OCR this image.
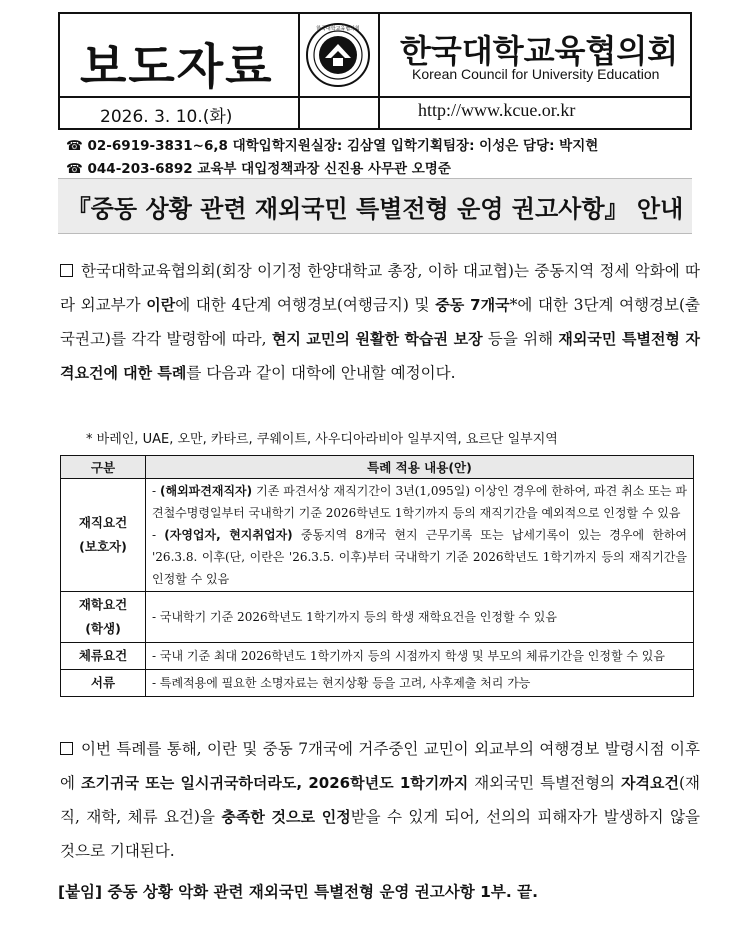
보도자료
한국대학교육협의회
2026. 3. 10.(화)
한국대학교육협의회
Korean Council for University Education
http://www.kcue.or.kr
☎ 02-6919-3831~6,8 대학입학지원실장: 김삼열 입학기획팀장: 이성은 담당: 박지현
☎ 044-203-6892 교육부 대입정책과장 신진용 사무관 오명준
『중동 상황 관련 재외국민 특별전형 운영 권고사항』 안내
한국대학교육협의회(회장 이기정 한양대학교 총장, 이하 대교협)는 중동지역 정세 악화에 따라 외교부가 이란에 대한 4단계 여행경보(여행금지) 및 중동 7개국*에 대한 3단계 여행경보(출국권고)를 각각 발령함에 따라, 현지 교민의 원활한 학습권 보장 등을 위해 재외국민 특별전형 자격요건에 대한 특례를 다음과 같이 대학에 안내할 예정이다.
* 바레인, UAE, 오만, 카타르, 쿠웨이트, 사우디아라비아 일부지역, 요르단 일부지역
구분	특례 적용 내용(안)
재직요건
(보호자)	- (해외파견재직자) 기존 파견서상 재직기간이 3년(1,095일) 이상인 경우에 한하여, 파견 취소 또는 파견철수명령일부터 국내학기 기준 2026학년도 1학기까지 등의 재직기간을 예외적으로 인정할 수 있음
- (자영업자, 현지취업자) 중동지역 8개국 현지 근무기록 또는 납세기록이 있는 경우에 한하여 '26.3.8. 이후(단, 이란은 '26.3.5. 이후)부터 국내학기 기준 2026학년도 1학기까지 등의 재직기간을 인정할 수 있음
재학요건
(학생)	- 국내학기 기준 2026학년도 1학기까지 등의 학생 재학요건을 인정할 수 있음
체류요건	- 국내 기준 최대 2026학년도 1학기까지 등의 시점까지 학생 및 부모의 체류기간을 인정할 수 있음
서류	- 특례적용에 필요한 소명자료는 현지상황 등을 고려, 사후제출 처리 가능
이번 특례를 통해, 이란 및 중동 7개국에 거주중인 교민이 외교부의 여행경보 발령시점 이후에 조기귀국 또는 일시귀국하더라도, 2026학년도 1학기까지 재외국민 특별전형의 자격요건(재직, 재학, 체류 요건)을 충족한 것으로 인정받을 수 있게 되어, 선의의 피해자가 발생하지 않을 것으로 기대된다.
[붙임] 중동 상황 악화 관련 재외국민 특별전형 운영 권고사항 1부. 끝.
